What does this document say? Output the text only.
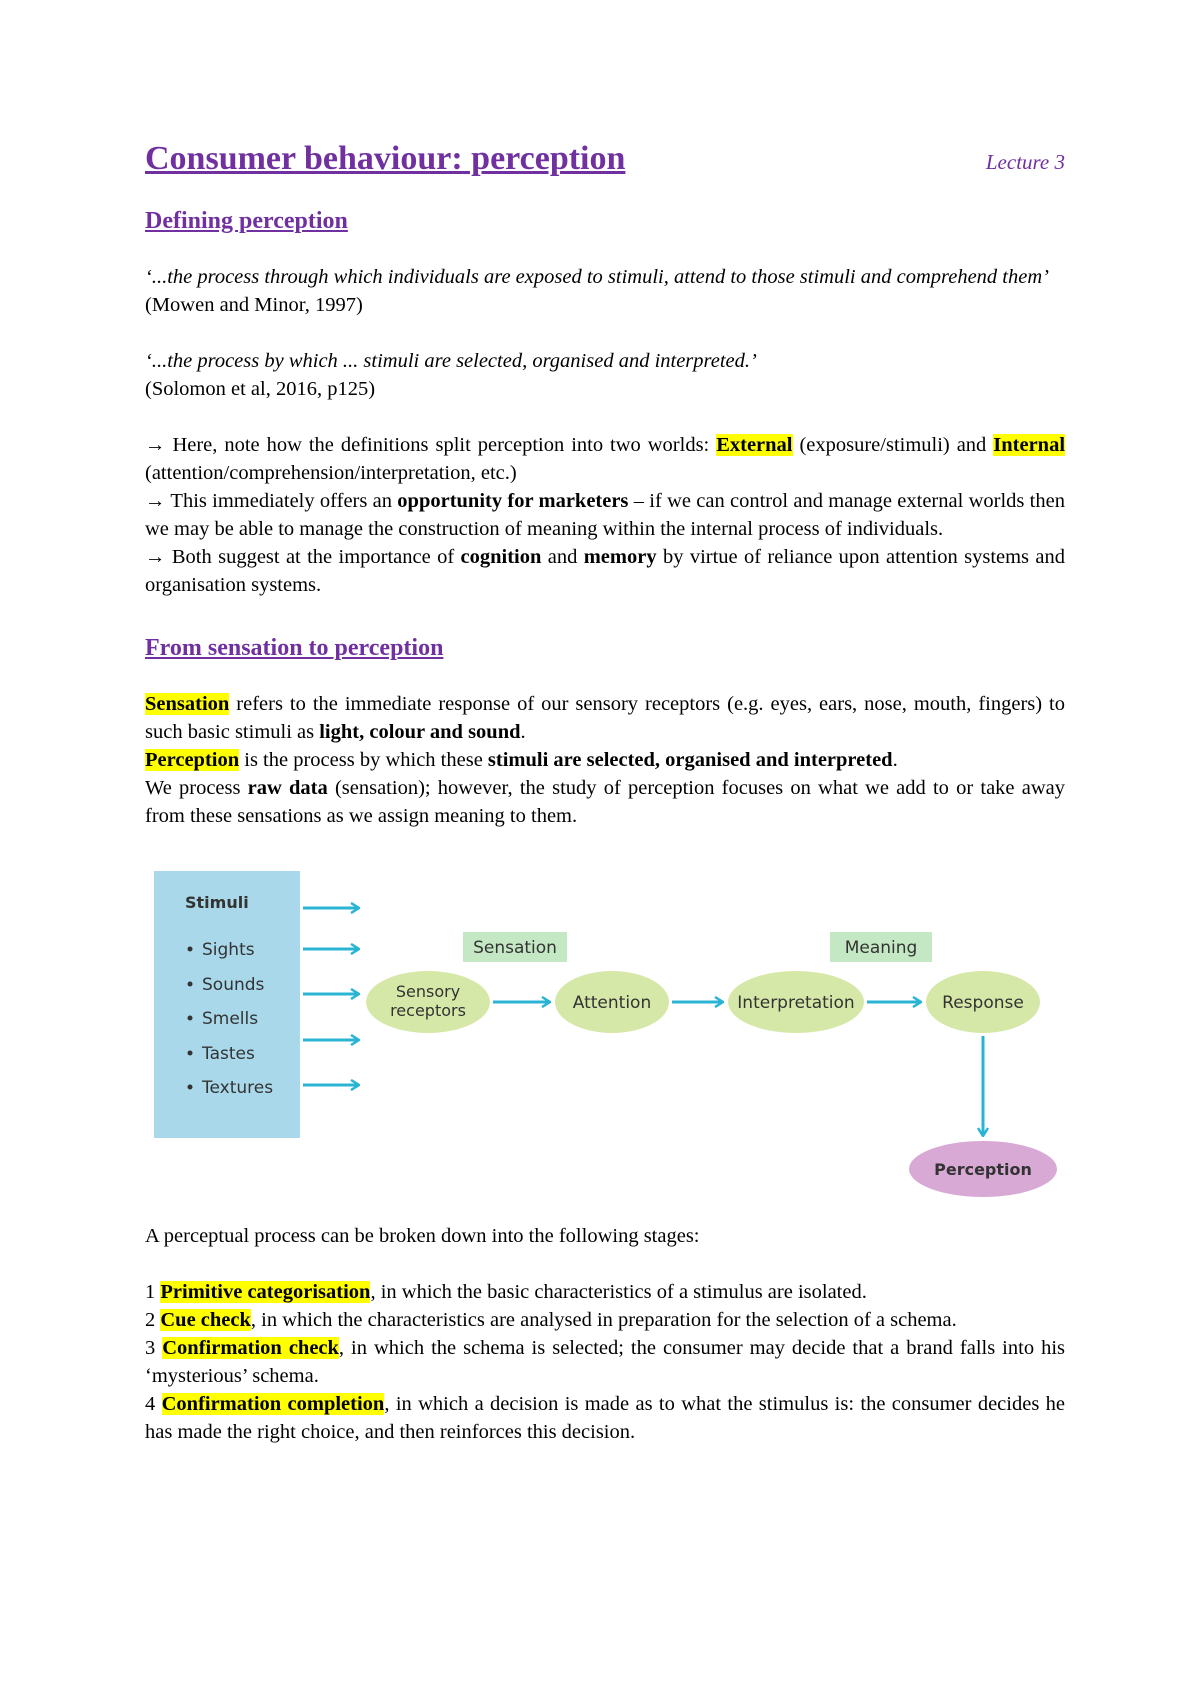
Consumer behaviour: perception	Lecture 3
Defining perception

‘...the process through which individuals are exposed to stimuli, attend to those stimuli and comprehend them’

(Mowen and Minor, 1997)

‘...the process by which ... stimuli are selected, organised and interpreted.’

(Solomon et al, 2016, p125)

→ Here, note how the definitions split perception into two worlds: External (exposure/stimuli) and Internal (attention/comprehension/interpretation, etc.)

→ This immediately offers an opportunity for marketers – if we can control and manage external worlds then we may be able to manage the construction of meaning within the internal process of individuals.

→ Both suggest at the importance of cognition and memory by virtue of reliance upon attention systems and organisation systems.

From sensation to perception

Sensation refers to the immediate response of our sensory receptors (e.g. eyes, ears, nose, mouth, fingers) to such basic stimuli as light, colour and sound.
Perception is the process by which these stimuli are selected, organised and interpreted.
We process raw data (sensation); however, the study of perception focuses on what we add to or take away from these sensations as we assign meaning to them.

Stimuli
Sights
Sounds
Smells
Tastes
Textures
Sensation	Meaning
Sensory
receptors	Attention	Interpretation	Response
Perception

A perceptual process can be broken down into the following stages:

1 Primitive categorisation, in which the basic characteristics of a stimulus are isolated.

2 Cue check, in which the characteristics are analysed in preparation for the selection of a schema.

3 Confirmation check, in which the schema is selected; the consumer may decide that a brand falls into his ‘mysterious’ schema.

4 Confirmation completion, in which a decision is made as to what the stimulus is: the consumer decides he has made the right choice, and then reinforces this decision.
